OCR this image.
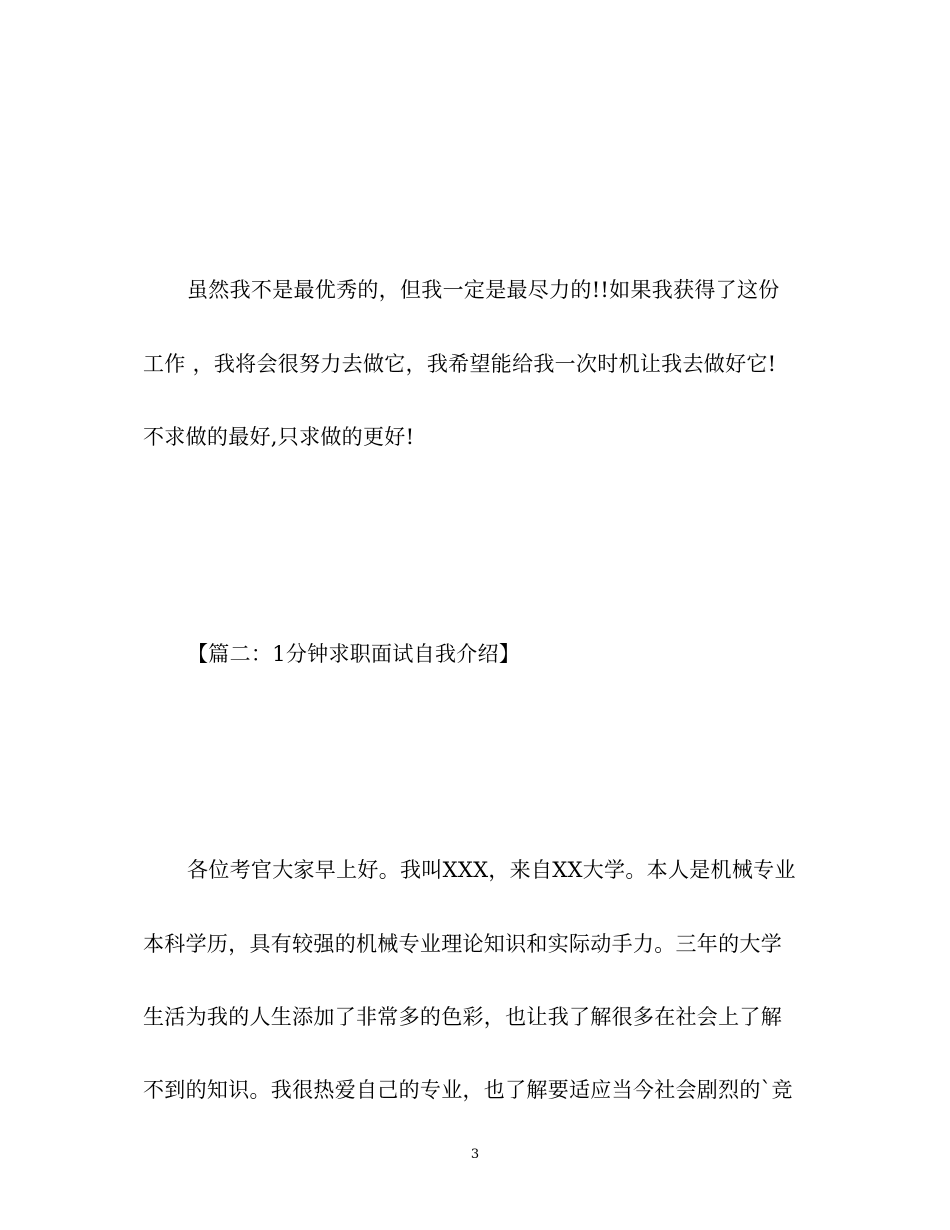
虽然我不是最优秀的，但我一定是最尽力的!!如果我获得了这份
工作 ，我将会很努力去做它，我希望能给我一次时机让我去做好它!
不求做的最好,只求做的更好!
【篇二：1分钟求职面试自我介绍】
各位考官大家早上好。我叫XXX，来自XX大学。本人是机械专业
本科学历，具有较强的机械专业理论知识和实际动手力。三年的大学
生活为我的人生添加了非常多的色彩，也让我了解很多在社会上了解
不到的知识。我很热爱自己的专业，也了解要适应当今社会剧烈的`竞
3
